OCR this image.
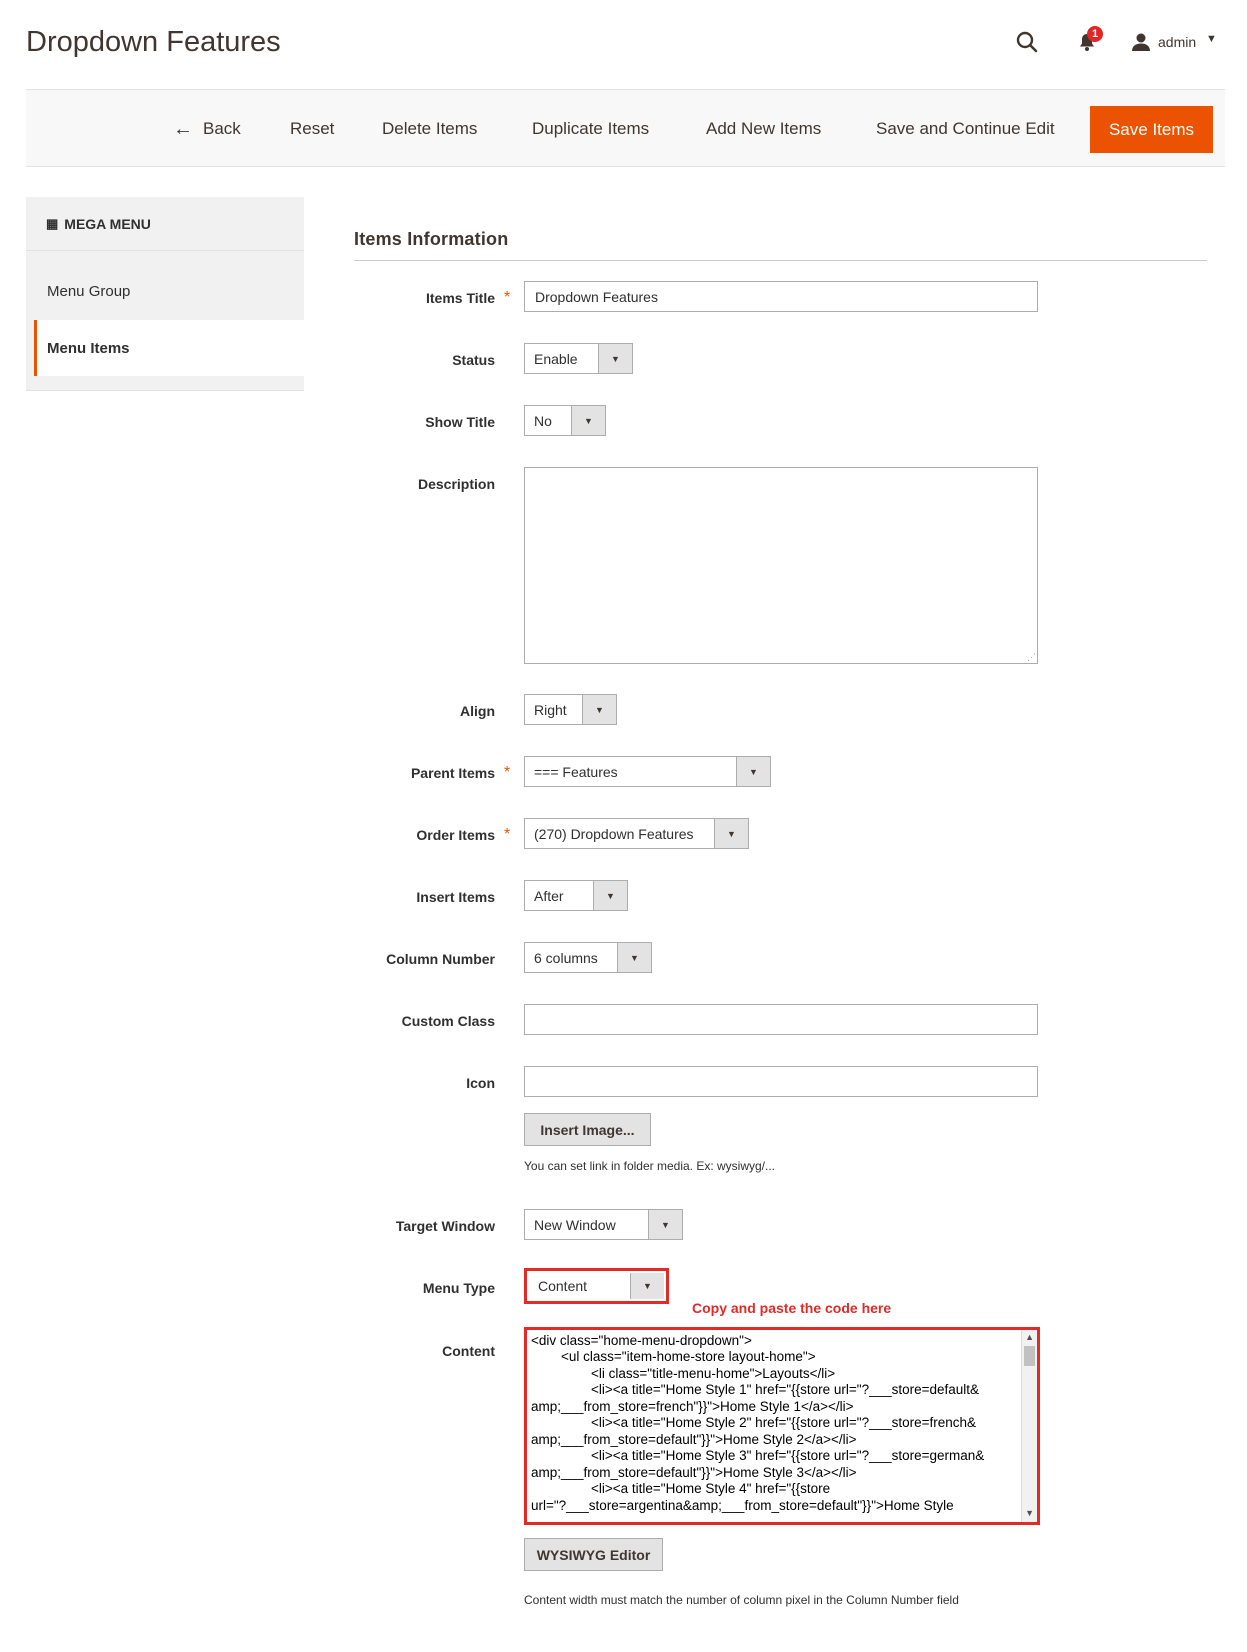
Dropdown Features	1	admin ▼
← Back	Reset	Delete Items	Duplicate Items	Add New Items	Save and Continue Edit	Save Items
▦ MEGA MENU
Menu Group
Menu Items
Items Information
Items Title *	Dropdown Features
Status	Enable	▼
Show Title	No	▼
Description
⋰
Align	Right	▼
Parent Items *	=== Features	▼
Order Items *	(270) Dropdown Features	▼
Insert Items	After	▼
Column Number	6 columns	▼
Custom Class
Icon
Insert Image...
You can set link in folder media. Ex: wysiwyg/...
Target Window	New Window	▼
Menu Type	Content	▼
Copy and paste the code here
Content
<div class="home-menu-dropdown">
<ul class="item-home-store layout-home">
<li class="title-menu-home">Layouts</li>
<li><a title="Home Style 1" href="{{store url="?___store=default&
amp;___from_store=french"}}">Home Style 1</a></li>
<li><a title="Home Style 2" href="{{store url="?___store=french&
amp;___from_store=default"}}">Home Style 2</a></li>
<li><a title="Home Style 3" href="{{store url="?___store=german&
amp;___from_store=default"}}">Home Style 3</a></li>
<li><a title="Home Style 4" href="{{store
url="?___store=argentina&amp;___from_store=default"}}">Home Style
▲
▼
WYSIWYG Editor
Content width must match the number of column pixel in the Column Number field
